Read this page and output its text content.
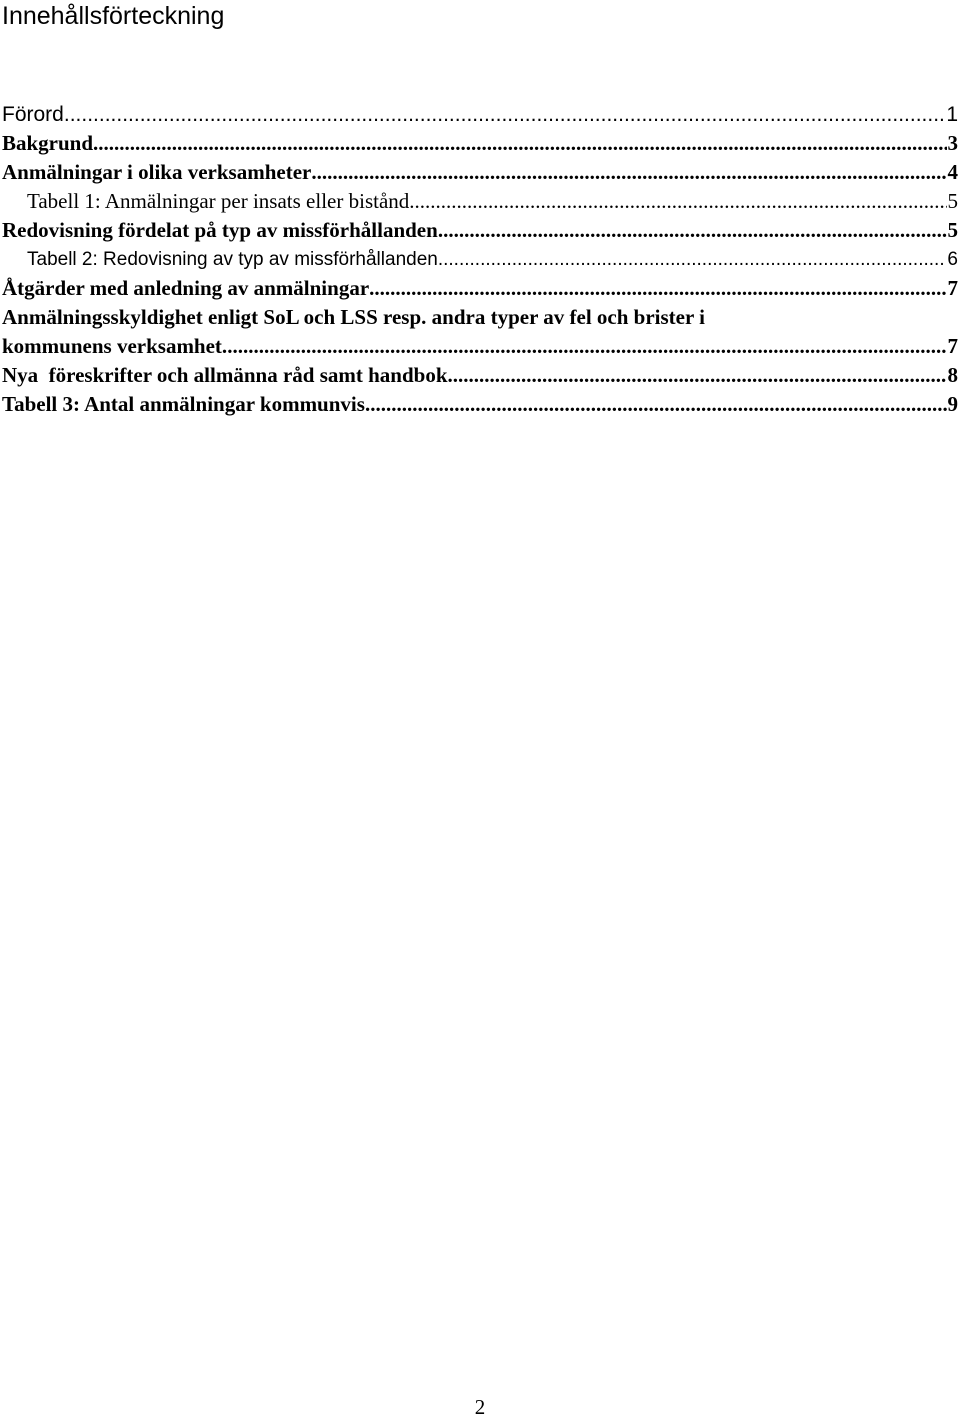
Innehållsförteckning
Förord .....	1
Bakgrund .....	3
Anmälningar i olika verksamheter .....	4
Tabell 1: Anmälningar per insats eller bistånd .....	5
Redovisning fördelat på typ av missförhållanden .....	5
Tabell 2: Redovisning av typ av missförhållanden .....	6
Åtgärder med anledning av anmälningar .....	7
Anmälningsskyldighet enligt SoL och LSS resp. andra typer av fel och brister i
kommunens verksamhet. .....	7
Nya  föreskrifter och allmänna råd samt handbok. .....	8
Tabell 3: Antal anmälningar kommunvis .....	9
2
